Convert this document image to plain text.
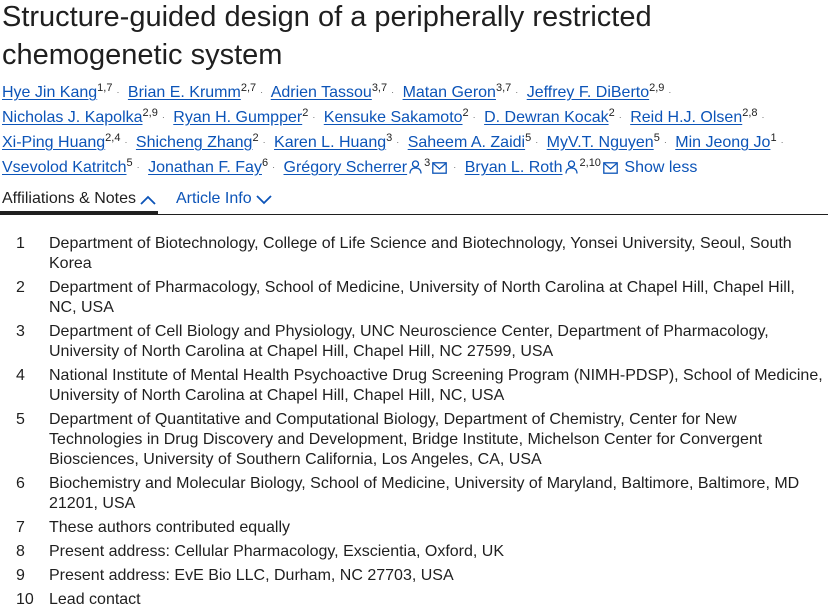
Structure-guided design of a peripherally restricted chemogenetic system
Hye Jin Kang$^{1,7}$ · Brian E. Krumm$^{2,7}$ · Adrien Tassou$^{3,7}$ · Matan Geron$^{3,7}$ · Jeffrey F. DiBerto$^{2,9}$ ·
Nicholas J. Kapolka$^{2,9}$ · Ryan H. Gumpper$^2$ · Kensuke Sakamoto$^2$ · D. Dewran Kocak$^2$ · Reid H.J. Olsen$^{2,8}$ ·
Xi-Ping Huang$^{2,4}$ · Shicheng Zhang$^2$ · Karen L. Huang$^3$ · Saheem A. Zaidi$^5$ · MyV.T. Nguyen$^5$ · Min Jeong $Jo^1$ ·
Vsevolod Katritch$^5$ · Jonathan F. Fay$^6$ · Grégory Scherrer $^3$	· Bryan L. Roth $^{2,10}$ Show less
Affiliations & Notes	Article Info
1	Department of Biotechnology, College of Life Science and Biotechnology, Yonsei University, Seoul, South Korea
2	Department of Pharmacology, School of Medicine, University of North Carolina at Chapel Hill, Chapel Hill, NC, USA
3	Department of Cell Biology and Physiology, UNC Neuroscience Center, Department of Pharmacology, University of North Carolina at Chapel Hill, Chapel Hill, NC 27599, USA
4	National Institute of Mental Health Psychoactive Drug Screening Program (NIMH-PDSP), School of Medicine, University of North Carolina at Chapel Hill, Chapel Hill, NC, USA
5	Department of Quantitative and Computational Biology, Department of Chemistry, Center for New Technologies in Drug Discovery and Development, Bridge Institute, Michelson Center for Convergent Biosciences, University of Southern California, Los Angeles, CA, USA
6	Biochemistry and Molecular Biology, School of Medicine, University of Maryland, Baltimore, Baltimore, MD 21201, USA
7	These authors contributed equally
8	Present address: Cellular Pharmacology, Exscientia, Oxford, UK
9	Present address: EvE Bio LLC, Durham, NC 27703, USA
10 Lead contact
